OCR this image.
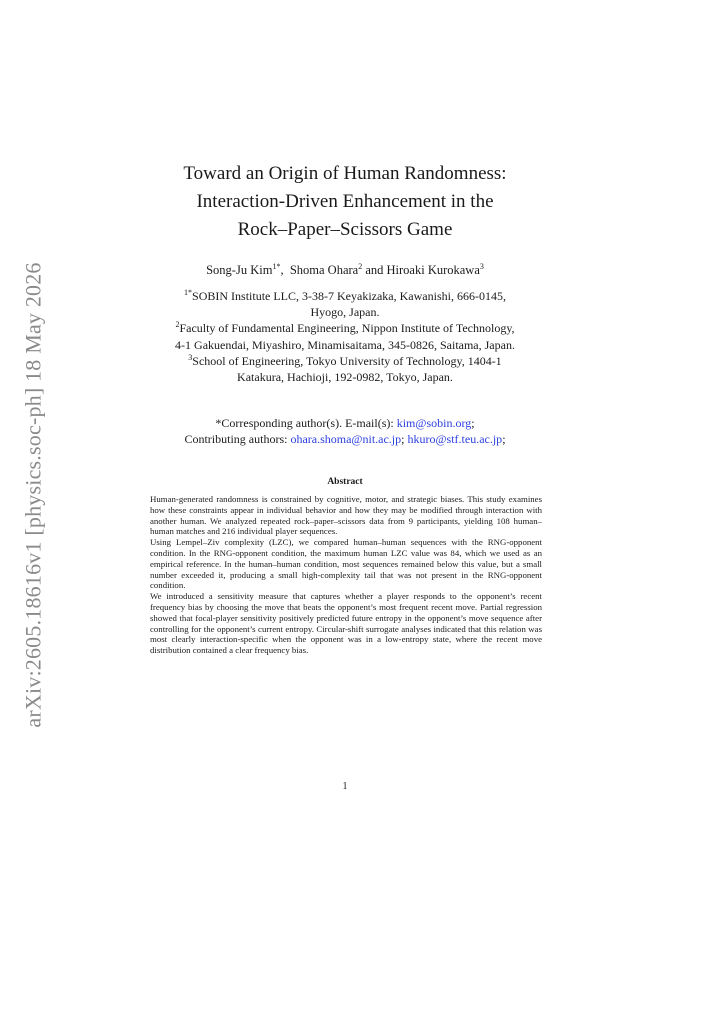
arXiv:2605.18616v1 [physics.soc-ph] 18 May 2026
Toward an Origin of Human Randomness:
Interaction-Driven Enhancement in the
Rock–Paper–Scissors Game
Song-Ju Kim$^{1*}$, Shoma Ohara$^2$ and Hiroaki Kurokawa$^3$
$^{1*}$SOBIN Institute LLC, 3-38-7 Keyakizaka, Kawanishi, 666-0145,
Hyogo, Japan.
$^2$Faculty of Fundamental Engineering, Nippon Institute of Technology,
4-1 Gakuendai, Miyashiro, Minamisaitama, 345-0826, Saitama, Japan.
$^3$School of Engineering, Tokyo University of Technology, 1404-1
Katakura, Hachioji, 192-0982, Tokyo, Japan.
*Corresponding author(s). E-mail(s): kim@sobin.org;
Contributing authors: ohara.shoma@nit.ac.jp; hkuro@stf.teu.ac.jp;
Abstract

Human-generated randomness is constrained by cognitive, motor, and strategic biases. This study examines how these constraints appear in individual behavior and how they may be modified through interaction with another human. We analyzed repeated rock–paper–scissors data from 9 participants, yielding 108 human–human matches and 216 individual player sequences.

Using Lempel–Ziv complexity (LZC), we compared human–human sequences with the RNG-opponent condition. In the RNG-opponent condition, the maximum human LZC value was 84, which we used as an empirical reference. In the human–human condition, most sequences remained below this value, but a small number exceeded it, producing a small high-complexity tail that was not present in the RNG-opponent condition.

We introduced a sensitivity measure that captures whether a player responds to the opponent’s recent frequency bias by choosing the move that beats the opponent’s most frequent recent move. Partial regression showed that focal-player sensitivity positively predicted future entropy in the opponent’s move sequence after controlling for the opponent’s current entropy. Circular-shift surrogate analyses indicated that this relation was most clearly interaction-specific when the opponent was in a low-entropy state, where the recent move distribution contained a clear frequency bias.

1
